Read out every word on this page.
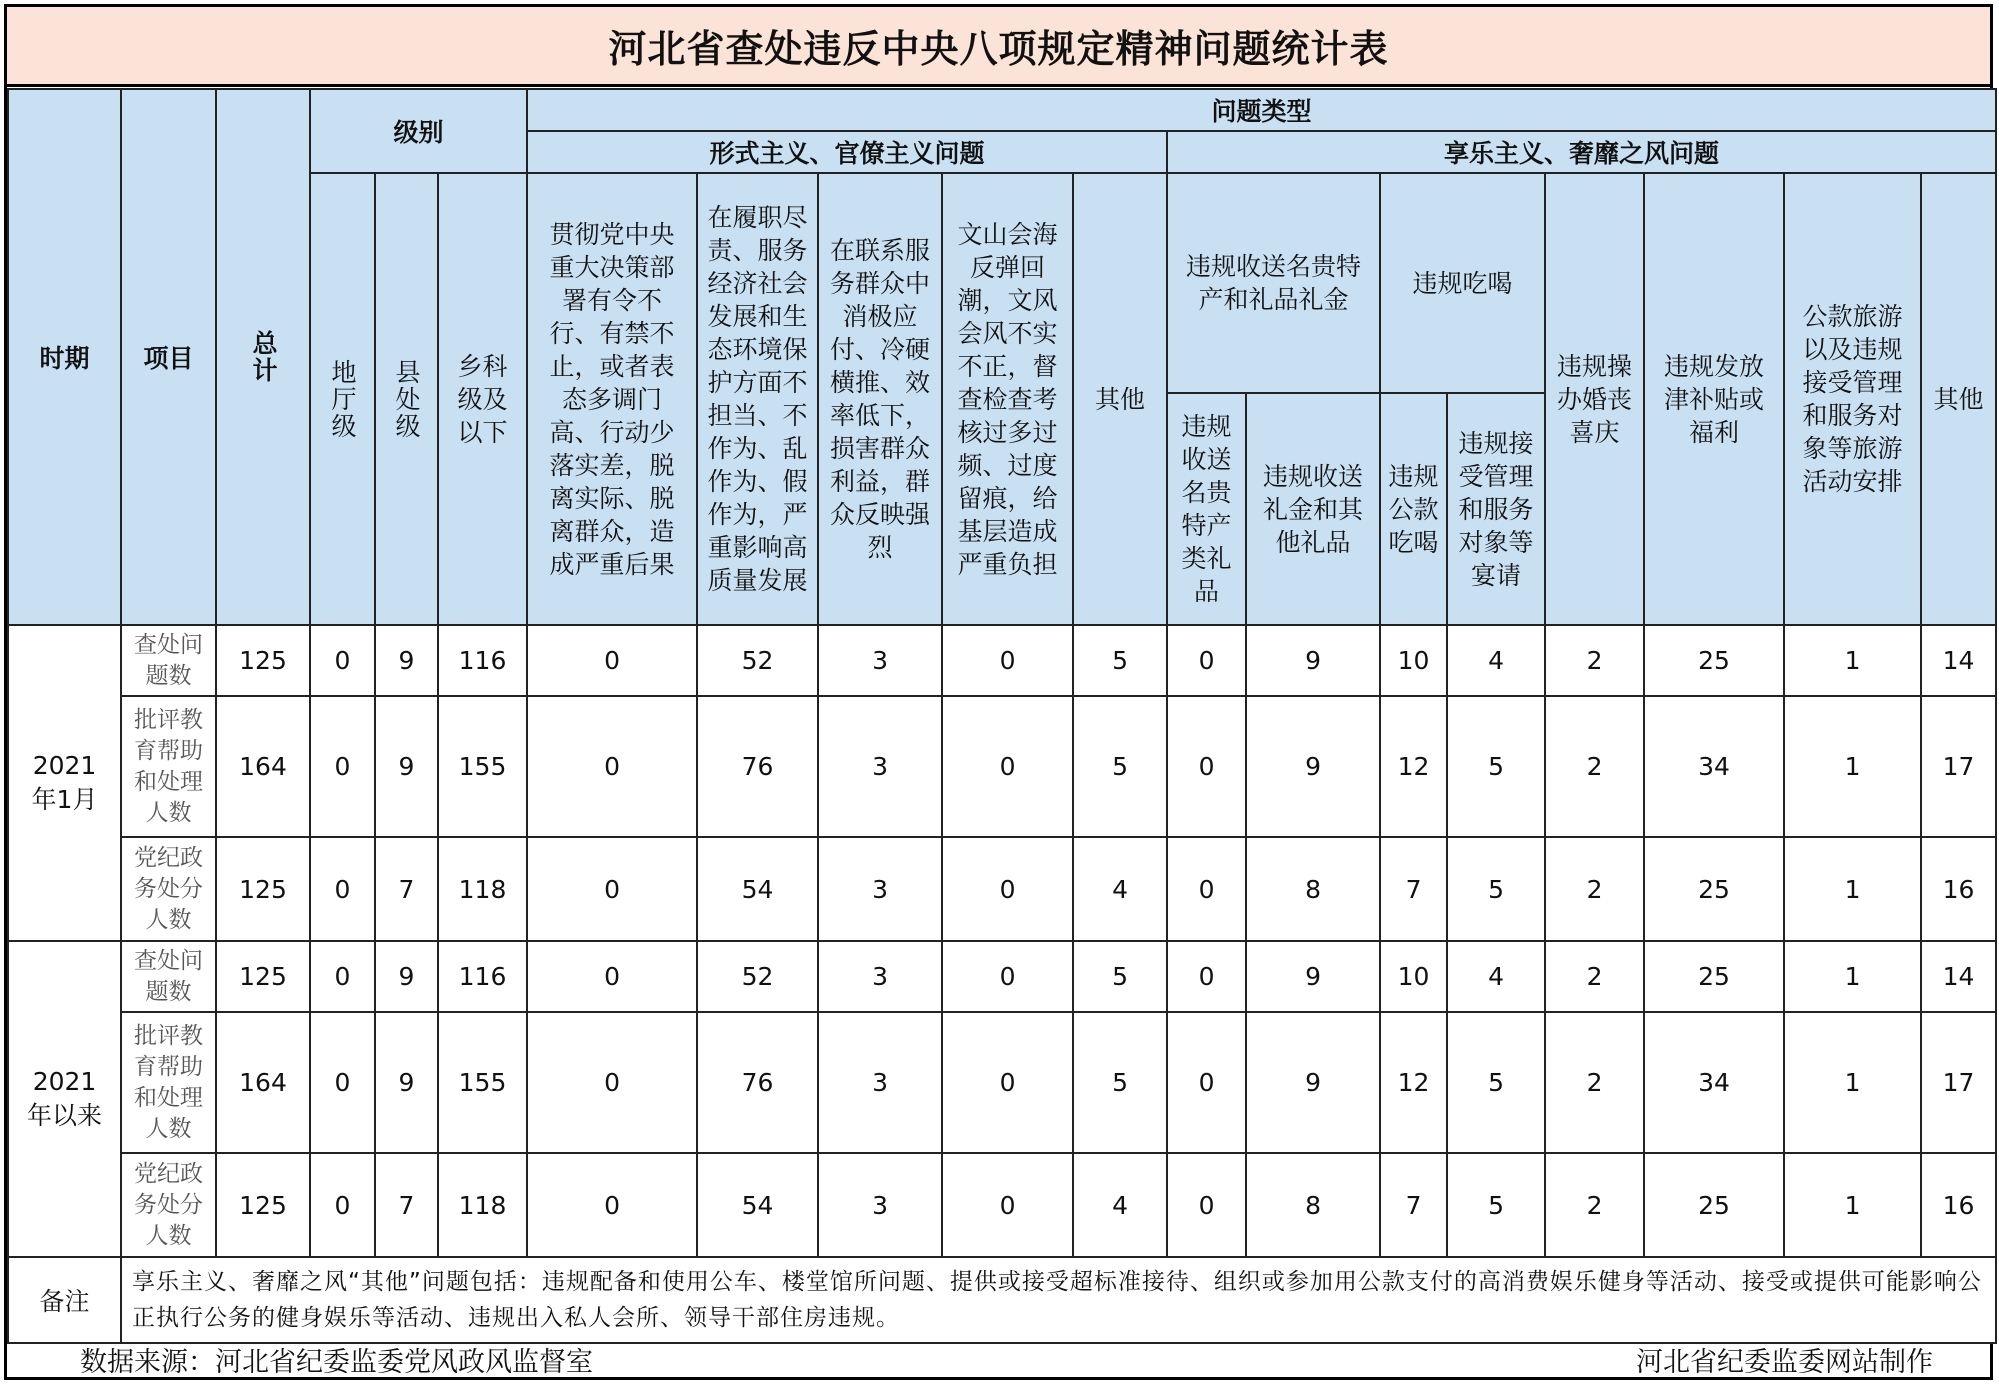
河北省查处违反中央八项规定精神问题统计表
时期	项目	总计	级别			问题类型												
						形式主义、官僚主义问题					享乐主义、奢靡之风问题							

			地厅级	县处级	乡科级及以下	贯彻党中央重大决策部署有令不行、有禁不止，或者表态多调门高、行动少落实差，脱离实际、脱离群众，造成严重后果	在履职尽责、服务经济社会发展和生态环境保护方面不担当、不作为、乱作为、假作为，严重影响高质量发展	在联系服务群众中消极应付、冷硬横推、效率低下，损害群众利益，群众反映强烈	文山会海反弹回潮，文风会风不实不正，督查检查考核过多过频、过度留痕，给基层造成严重负担	其他	违规收送名贵特产和礼品礼金		违规吃喝		违规操办婚丧喜庆	违规发放津补贴或福利	公款旅游以及违规接受管理和服务对象等旅游活动安排	其他
											违规收送名贵特产类礼品	违规收送礼金和其他礼品	违规公款吃喝	违规接受管理和服务对象等宴请				
2021年1月	查处问题数	125	0	9	116	0	52	3	0	5	0	9	10	4	2	25	1	14
	批评教育帮助和处理人数	164	0	9	155	0	76	3	0	5	0	9	12	5	2	34	1	17
	党纪政务处分人数	125	0	7	118	0	54	3	0	4	0	8	7	5	2	25	1	16
2021年以来	查处问题数	125	0	9	116	0	52	3	0	5	0	9	10	4	2	25	1	14
	批评教育帮助和处理人数	164	0	9	155	0	76	3	0	5	0	9	12	5	2	34	1	17
	党纪政务处分人数	125	0	7	118	0	54	3	0	4	0	8	7	5	2	25	1	16
备注	享乐主义、奢靡之风“其他”问题包括：违规配备和使用公车、楼堂馆所问题、提供或接受超标准接待、组织或参加用公款支付的高消费娱乐健身等活动、接受或提供可能影响公正执行公务的健身娱乐等活动、违规出入私人会所、领导干部住房违规。																	
数据来源：河北省纪委监委党风政风监督室	河北省纪委监委网站制作
